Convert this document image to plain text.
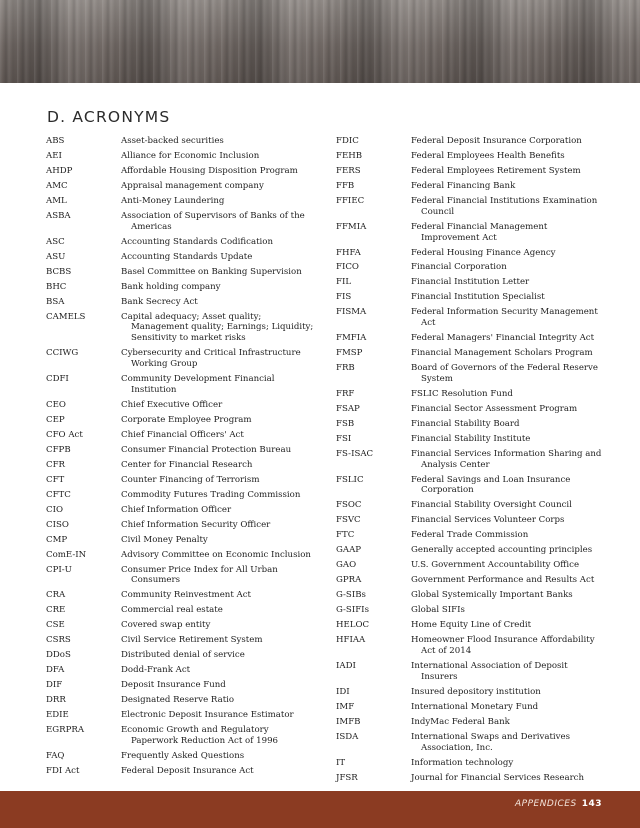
D. ACRONYMS
ABS	Asset-backed securities
AEI	Alliance for Economic Inclusion
AHDP	Affordable Housing Disposition Program
AMC	Appraisal management company
AML	Anti-Money Laundering
ASBA	Association of Supervisors of Banks of the Americas
ASC	Accounting Standards Codification
ASU	Accounting Standards Update
BCBS	Basel Committee on Banking Supervision
BHC	Bank holding company
BSA	Bank Secrecy Act
CAMELS	Capital adequacy; Asset quality; Management quality; Earnings; Liquidity; Sensitivity to market risks
CCIWG	Cybersecurity and Critical Infrastructure Working Group
CDFI	Community Development Financial Institution
CEO	Chief Executive Officer
CEP	Corporate Employee Program
CFO Act	Chief Financial Officers' Act
CFPB	Consumer Financial Protection Bureau
CFR	Center for Financial Research
CFT	Counter Financing of Terrorism
CFTC	Commodity Futures Trading Commission
CIO	Chief Information Officer
CISO	Chief Information Security Officer
CMP	Civil Money Penalty
ComE-IN	Advisory Committee on Economic Inclusion
CPI-U	Consumer Price Index for All Urban Consumers
CRA	Community Reinvestment Act
CRE	Commercial real estate
CSE	Covered swap entity
CSRS	Civil Service Retirement System
DDoS	Distributed denial of service
DFA	Dodd-Frank Act
DIF	Deposit Insurance Fund
DRR	Designated Reserve Ratio
EDIE	Electronic Deposit Insurance Estimator
EGRPRA	Economic Growth and Regulatory Paperwork Reduction Act of 1996
FAQ	Frequently Asked Questions
FDI Act	Federal Deposit Insurance Act
FDIC	Federal Deposit Insurance Corporation
FEHB	Federal Employees Health Benefits
FERS	Federal Employees Retirement System
FFB	Federal Financing Bank
FFIEC	Federal Financial Institutions Examination Council
FFMIA	Federal Financial Management Improvement Act
FHFA	Federal Housing Finance Agency
FICO	Financial Corporation
FIL	Financial Institution Letter
FIS	Financial Institution Specialist
FISMA	Federal Information Security Management Act
FMFIA	Federal Managers' Financial Integrity Act
FMSP	Financial Management Scholars Program
FRB	Board of Governors of the Federal Reserve System
FRF	FSLIC Resolution Fund
FSAP	Financial Sector Assessment Program
FSB	Financial Stability Board
FSI	Financial Stability Institute
FS-ISAC	Financial Services Information Sharing and Analysis Center
FSLIC	Federal Savings and Loan Insurance Corporation
FSOC	Financial Stability Oversight Council
FSVC	Financial Services Volunteer Corps
FTC	Federal Trade Commission
GAAP	Generally accepted accounting principles
GAO	U.S. Government Accountability Office
GPRA	Government Performance and Results Act
G-SIBs	Global Systemically Important Banks
G-SIFIs	Global SIFIs
HELOC	Home Equity Line of Credit
HFIAA	Homeowner Flood Insurance Affordability Act of 2014
IADI	International Association of Deposit Insurers
IDI	Insured depository institution
IMF	International Monetary Fund
IMFB	IndyMac Federal Bank
ISDA	International Swaps and Derivatives Association, Inc.
IT	Information technology
JFSR	Journal for Financial Services Research
APPENDICES 143
